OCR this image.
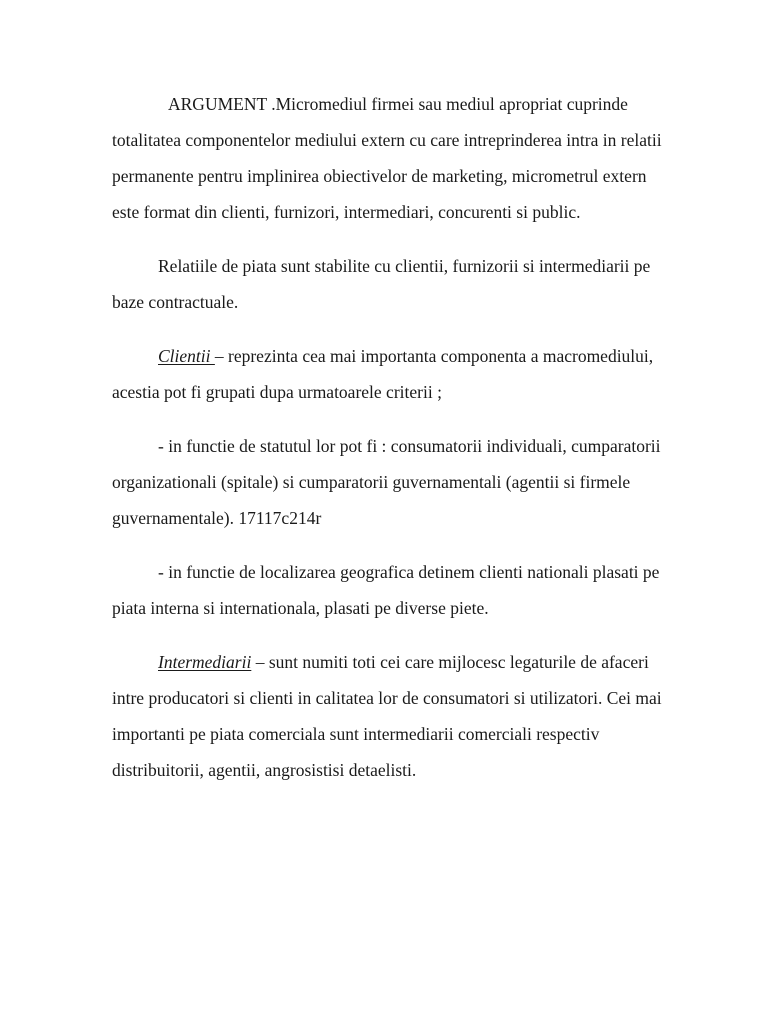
ARGUMENT .Micromediul firmei sau mediul apropriat cuprinde totalitatea componentelor mediului extern cu care intreprinderea intra in relatii permanente pentru implinirea obiectivelor de marketing, micrometrul extern este format din clienti, furnizori, intermediari, concurenti si public.

Relatiile de piata sunt stabilite cu clientii, furnizorii si intermediarii pe baze contractuale.

Clientii – reprezinta cea mai importanta componenta a macromediului, acestia pot fi grupati dupa urmatoarele criterii ;

- in functie de statutul lor pot fi : consumatorii individuali, cumparatorii organizationali (spitale) si cumparatorii guvernamentali (agentii si firmele guvernamentale). 17117c214r

- in functie de localizarea geografica detinem clienti nationali plasati pe piata interna si internationala, plasati pe diverse piete.

Intermediarii – sunt numiti toti cei care mijlocesc legaturile de afaceri intre producatori si clienti in calitatea lor de consumatori si utilizatori. Cei mai importanti pe piata comerciala sunt intermediarii comerciali respectiv distribuitorii, agentii, angrosistisi detaelisti.
